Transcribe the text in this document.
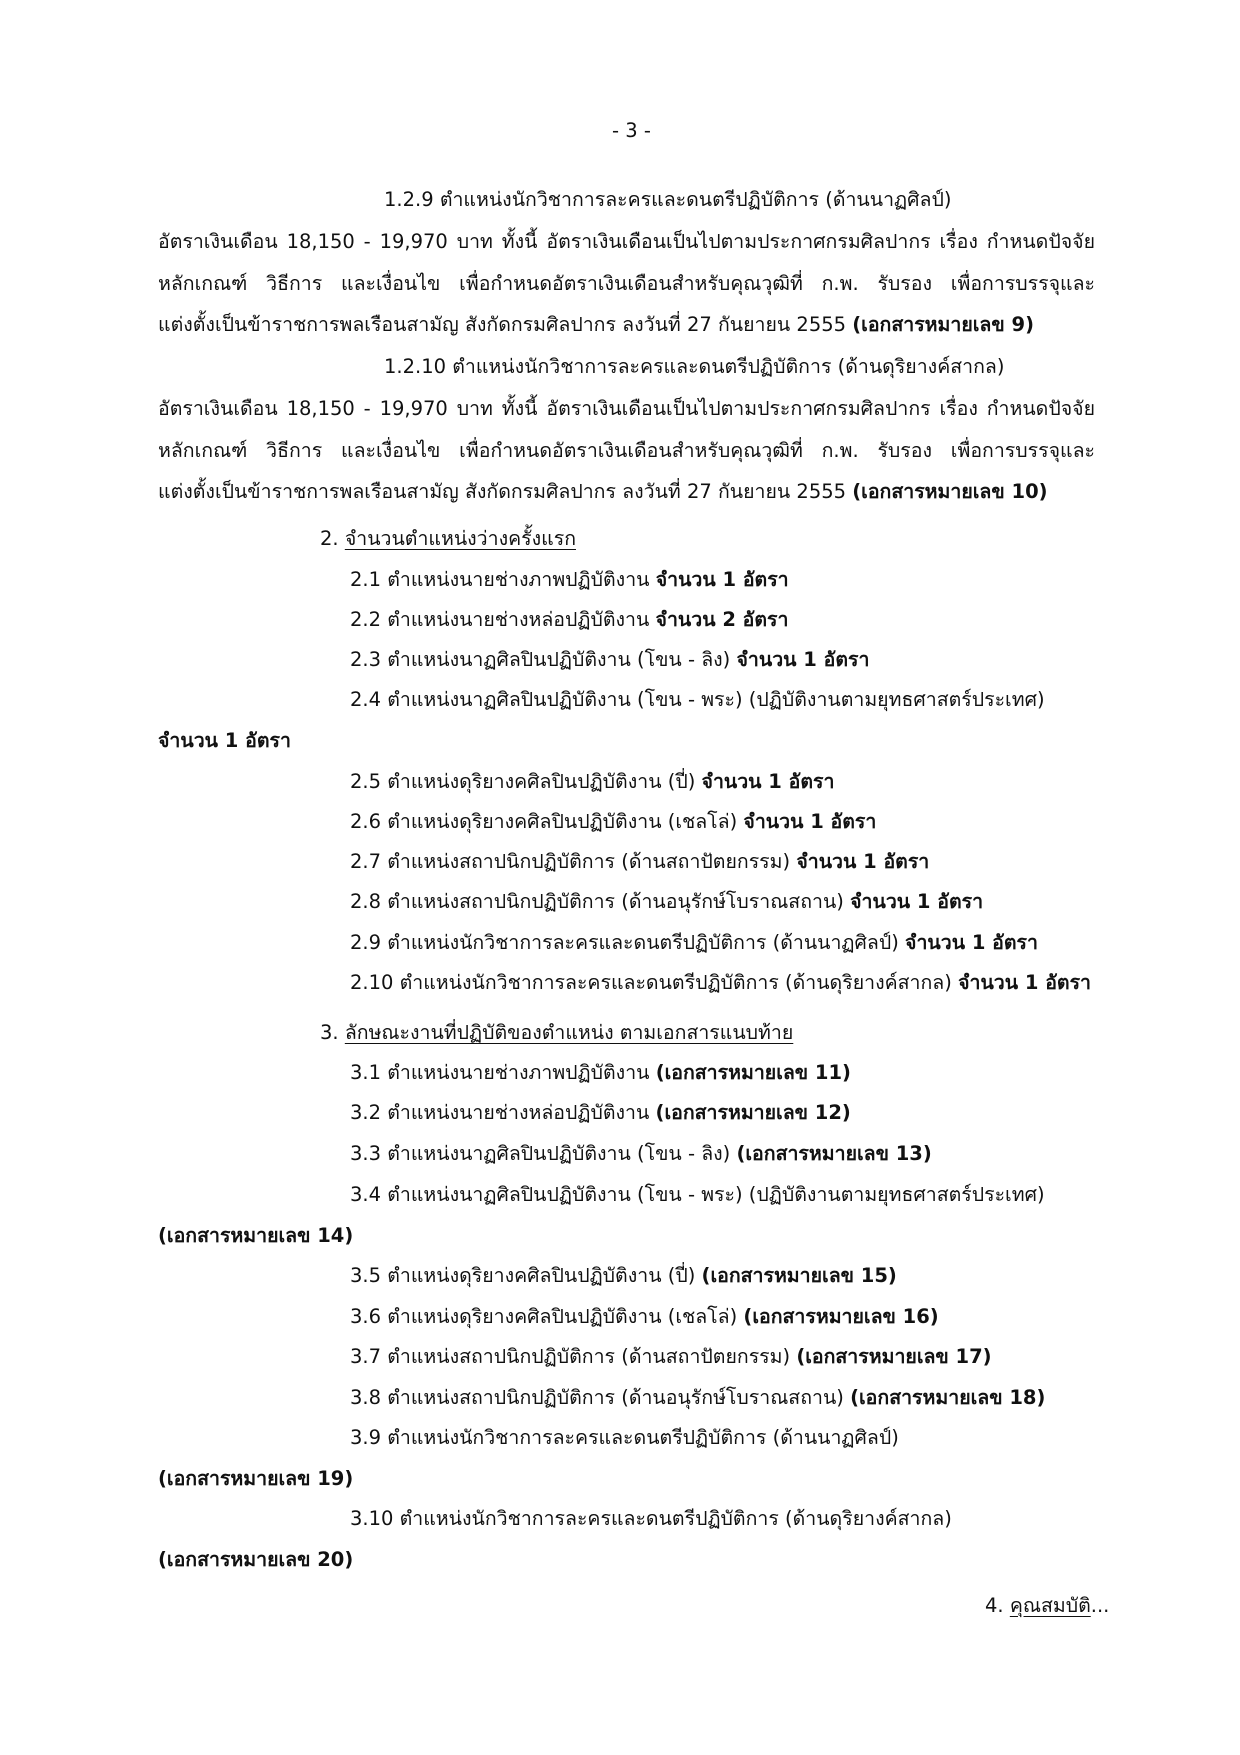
- 3 -
1.2.9 ตำแหน่งนักวิชาการละครและดนตรีปฏิบัติการ (ด้านนาฏศิลป์)
อัตราเงินเดือน 18,150 - 19,970 บาท ทั้งนี้ อัตราเงินเดือนเป็นไปตามประกาศกรมศิลปากร เรื่อง กำหนดปัจจัย
หลักเกณฑ์ วิธีการ และเงื่อนไข เพื่อกำหนดอัตราเงินเดือนสำหรับคุณวุฒิที่ ก.พ. รับรอง เพื่อการบรรจุและ
แต่งตั้งเป็นข้าราชการพลเรือนสามัญ สังกัดกรมศิลปากร ลงวันที่ 27 กันยายน 2555 (เอกสารหมายเลข 9)
1.2.10 ตำแหน่งนักวิชาการละครและดนตรีปฏิบัติการ (ด้านดุริยางค์สากล)
อัตราเงินเดือน 18,150 - 19,970 บาท ทั้งนี้ อัตราเงินเดือนเป็นไปตามประกาศกรมศิลปากร เรื่อง กำหนดปัจจัย
หลักเกณฑ์ วิธีการ และเงื่อนไข เพื่อกำหนดอัตราเงินเดือนสำหรับคุณวุฒิที่ ก.พ. รับรอง เพื่อการบรรจุและ
แต่งตั้งเป็นข้าราชการพลเรือนสามัญ สังกัดกรมศิลปากร ลงวันที่ 27 กันยายน 2555 (เอกสารหมายเลข 10)
2. จำนวนตำแหน่งว่างครั้งแรก
2.1 ตำแหน่งนายช่างภาพปฏิบัติงาน จำนวน 1 อัตรา
2.2 ตำแหน่งนายช่างหล่อปฏิบัติงาน จำนวน 2 อัตรา
2.3 ตำแหน่งนาฏศิลปินปฏิบัติงาน (โขน - ลิง) จำนวน 1 อัตรา
2.4 ตำแหน่งนาฏศิลปินปฏิบัติงาน (โขน - พระ) (ปฏิบัติงานตามยุทธศาสตร์ประเทศ)
จำนวน 1 อัตรา
2.5 ตำแหน่งดุริยางคศิลปินปฏิบัติงาน (ปี่) จำนวน 1 อัตรา
2.6 ตำแหน่งดุริยางคศิลปินปฏิบัติงาน (เชลโล่) จำนวน 1 อัตรา
2.7 ตำแหน่งสถาปนิกปฏิบัติการ (ด้านสถาปัตยกรรม) จำนวน 1 อัตรา
2.8 ตำแหน่งสถาปนิกปฏิบัติการ (ด้านอนุรักษ์โบราณสถาน) จำนวน 1 อัตรา
2.9 ตำแหน่งนักวิชาการละครและดนตรีปฏิบัติการ (ด้านนาฏศิลป์) จำนวน 1 อัตรา
2.10 ตำแหน่งนักวิชาการละครและดนตรีปฏิบัติการ (ด้านดุริยางค์สากล) จำนวน 1 อัตรา
3. ลักษณะงานที่ปฏิบัติของตำแหน่ง ตามเอกสารแนบท้าย
3.1 ตำแหน่งนายช่างภาพปฏิบัติงาน (เอกสารหมายเลข 11)
3.2 ตำแหน่งนายช่างหล่อปฏิบัติงาน (เอกสารหมายเลข 12)
3.3 ตำแหน่งนาฏศิลปินปฏิบัติงาน (โขน - ลิง) (เอกสารหมายเลข 13)
3.4 ตำแหน่งนาฏศิลปินปฏิบัติงาน (โขน - พระ) (ปฏิบัติงานตามยุทธศาสตร์ประเทศ)
(เอกสารหมายเลข 14)
3.5 ตำแหน่งดุริยางคศิลปินปฏิบัติงาน (ปี่) (เอกสารหมายเลข 15)
3.6 ตำแหน่งดุริยางคศิลปินปฏิบัติงาน (เชลโล่) (เอกสารหมายเลข 16)
3.7 ตำแหน่งสถาปนิกปฏิบัติการ (ด้านสถาปัตยกรรม) (เอกสารหมายเลข 17)
3.8 ตำแหน่งสถาปนิกปฏิบัติการ (ด้านอนุรักษ์โบราณสถาน) (เอกสารหมายเลข 18)
3.9 ตำแหน่งนักวิชาการละครและดนตรีปฏิบัติการ (ด้านนาฏศิลป์)
(เอกสารหมายเลข 19)
3.10 ตำแหน่งนักวิชาการละครและดนตรีปฏิบัติการ (ด้านดุริยางค์สากล)
(เอกสารหมายเลข 20)
4. คุณสมบัติ...
